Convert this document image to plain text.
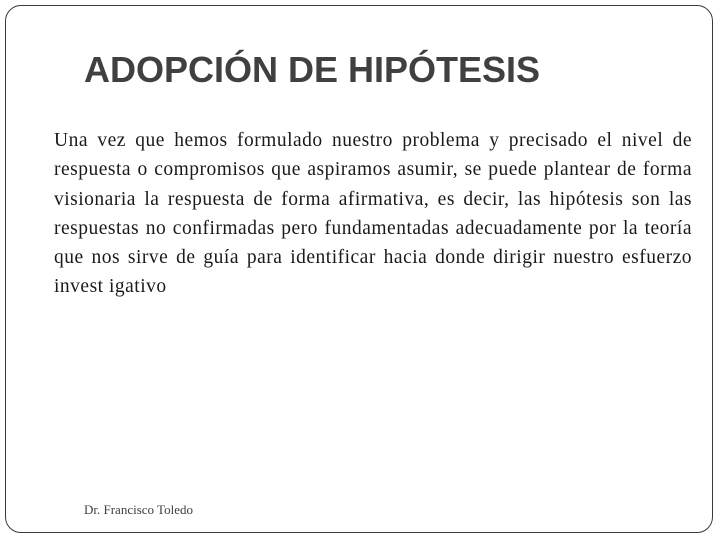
ADOPCIÓN DE HIPÓTESIS

Una vez que hemos formulado nuestro problema y precisado el nivel de respuesta o compromisos que aspiramos asumir, se puede plantear de forma visionaria la respuesta de forma afirmativa, es decir, las hipótesis son las respuestas no confirmadas pero fundamentadas adecuadamente por la teoría que nos sirve de guía para identificar hacia donde dirigir nuestro esfuerzo invest igativo

Dr. Francisco Toledo
